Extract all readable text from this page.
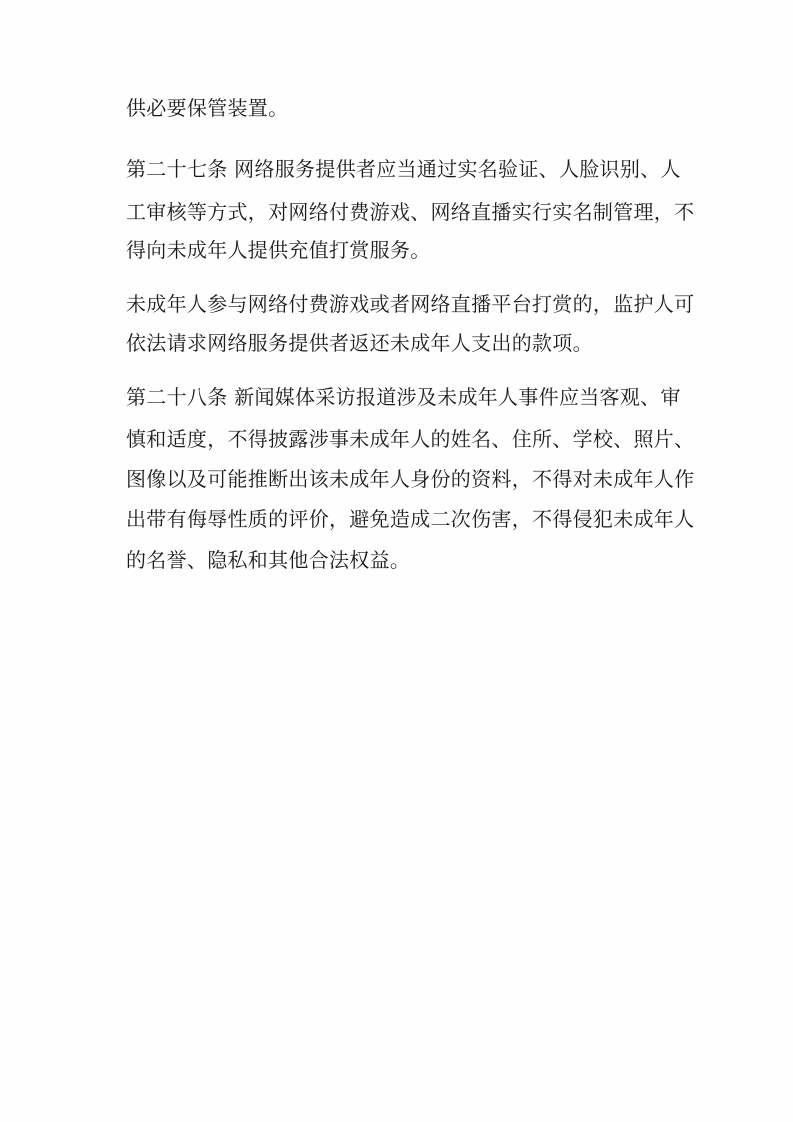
供必要保管装置。
第二十七条 网络服务提供者应当通过实名验证、人脸识别、人
工审核等方式，对网络付费游戏、网络直播实行实名制管理，不
得向未成年人提供充值打赏服务。
未成年人参与网络付费游戏或者网络直播平台打赏的，监护人可
依法请求网络服务提供者返还未成年人支出的款项。
第二十八条 新闻媒体采访报道涉及未成年人事件应当客观、审
慎和适度，不得披露涉事未成年人的姓名、住所、学校、照片、
图像以及可能推断出该未成年人身份的资料，不得对未成年人作
出带有侮辱性质的评价，避免造成二次伤害，不得侵犯未成年人
的名誉、隐私和其他合法权益。
